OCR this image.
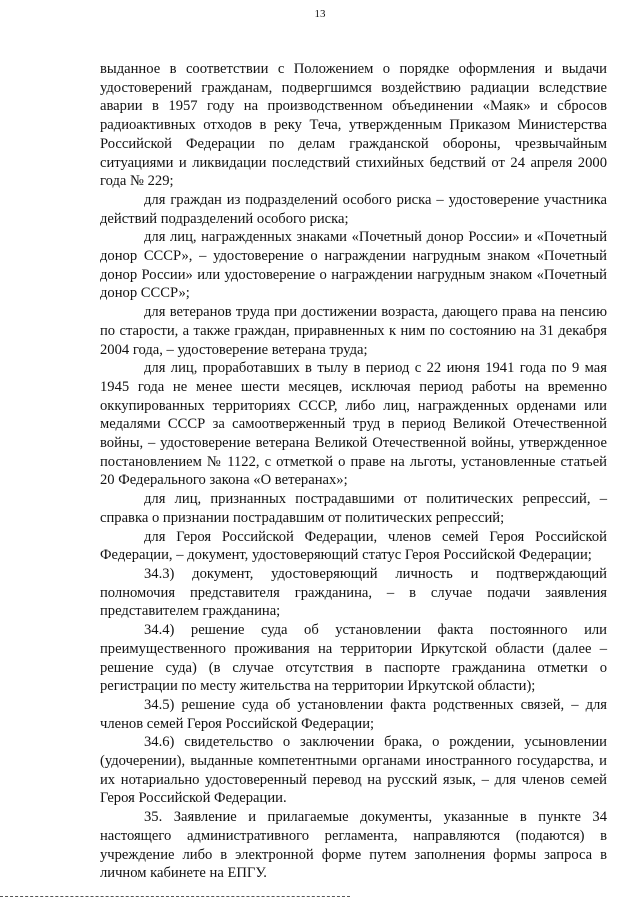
13

выданное в соответствии с Положением о порядке оформления и выдачи удостоверений гражданам, подвергшимся воздействию радиации вследствие аварии в 1957 году на производственном объединении «Маяк» и сбросов радиоактивных отходов в реку Теча, утвержденным Приказом Министерства Российской Федерации по делам гражданской обороны, чрезвычайным ситуациями и ликвидации последствий стихийных бедствий от 24 апреля 2000 года № 229;

для граждан из подразделений особого риска – удостоверение участника действий подразделений особого риска;

для лиц, награжденных знаками «Почетный донор России» и «Почетный донор СССР», – удостоверение о награждении нагрудным знаком «Почетный донор России» или удостоверение о награждении нагрудным знаком «Почетный донор СССР»;

для ветеранов труда при достижении возраста, дающего права на пенсию по старости, а также граждан, приравненных к ним по состоянию на 31 декабря 2004 года, – удостоверение ветерана труда;

для лиц, проработавших в тылу в период с 22 июня 1941 года по 9 мая 1945 года не менее шести месяцев, исключая период работы на временно оккупированных территориях СССР, либо лиц, награжденных орденами или медалями СССР за самоотверженный труд в период Великой Отечественной войны, – удостоверение ветерана Великой Отечественной войны, утвержденное постановлением № 1122, с отметкой о праве на льготы, установленные статьей 20 Федерального закона «О ветеранах»;

для лиц, признанных пострадавшими от политических репрессий, – справка о признании пострадавшим от политических репрессий;

для Героя Российской Федерации, членов семей Героя Российской Федерации, – документ, удостоверяющий статус Героя Российской Федерации;

34.3) документ, удостоверяющий личность и подтверждающий полномочия представителя гражданина, – в случае подачи заявления представителем гражданина;

34.4) решение суда об установлении факта постоянного или преимущественного проживания на территории Иркутской области (далее – решение суда) (в случае отсутствия в паспорте гражданина отметки о регистрации по месту жительства на территории Иркутской области);

34.5) решение суда об установлении факта родственных связей, – для членов семей Героя Российской Федерации;

34.6) свидетельство о заключении брака, о рождении, усыновлении (удочерении), выданные компетентными органами иностранного государства, и их нотариально удостоверенный перевод на русский язык, – для членов семей Героя Российской Федерации.

35. Заявление и прилагаемые документы, указанные в пункте 34 настоящего административного регламента, направляются (подаются) в учреждение либо в электронной форме путем заполнения формы запроса в личном кабинете на ЕПГУ.
